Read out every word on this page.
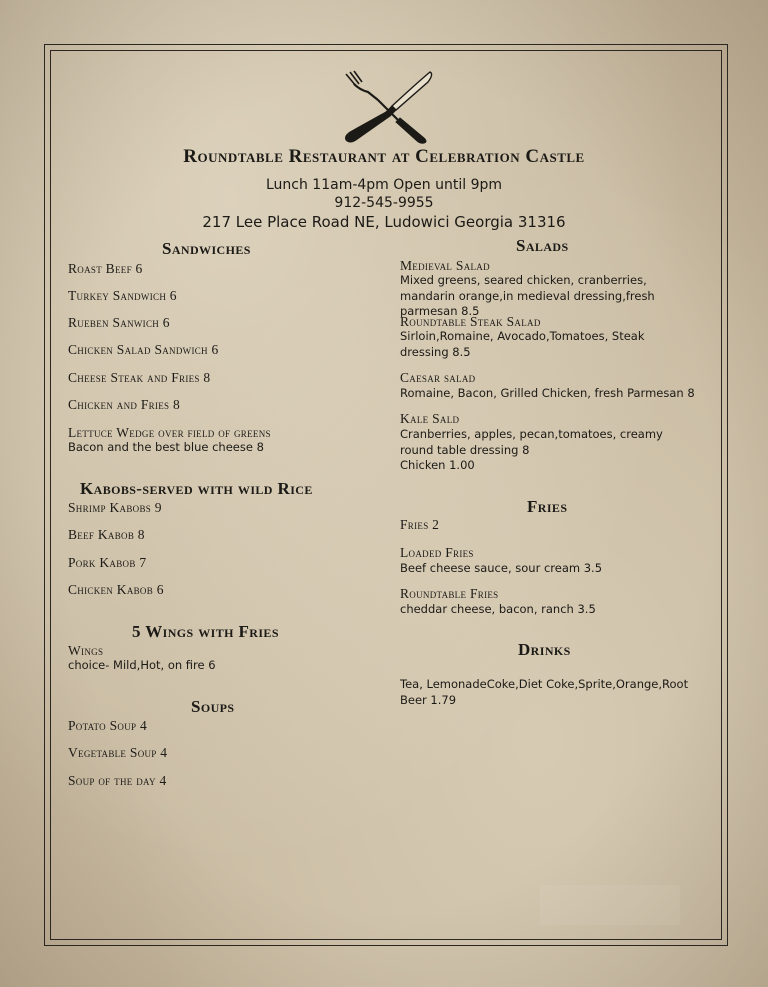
Roundtable Restaurant at Celebration Castle
Lunch 11am-4pm Open until 9pm
912-545-9955
217 Lee Place Road NE, Ludowici Georgia 31316
Sandwiches
Roast Beef 6
Turkey Sandwich 6
Rueben Sanwich 6
Chicken Salad Sandwich 6
Cheese Steak and Fries 8
Chicken and Fries 8
Lettuce Wedge over field of greens
Bacon and the best blue cheese 8
Kabobs-served with wild Rice
Shrimp Kabobs 9
Beef Kabob 8
Pork Kabob 7
Chicken Kabob 6
5 Wings with Fries
Wings
choice- Mild,Hot, on fire 6
Soups
Potato Soup 4
Vegetable Soup 4
Soup of the day 4
Salads
Medieval Salad
Mixed greens, seared chicken, cranberries, mandarin orange,in medieval dressing,fresh parmesan 8.5
Roundtable Steak Salad
Sirloin,Romaine, Avocado,Tomatoes, Steak dressing 8.5
Caesar salad
Romaine, Bacon, Grilled Chicken, fresh Parmesan 8
Kale Sald
Cranberries, apples, pecan,tomatoes, creamy round table dressing 8
Chicken 1.00
Fries
Fries 2
Loaded Fries
Beef cheese sauce, sour cream 3.5
Roundtable Fries
cheddar cheese, bacon, ranch 3.5
Drinks
Tea, LemonadeCoke,Diet Coke,Sprite,Orange,Root Beer 1.79
